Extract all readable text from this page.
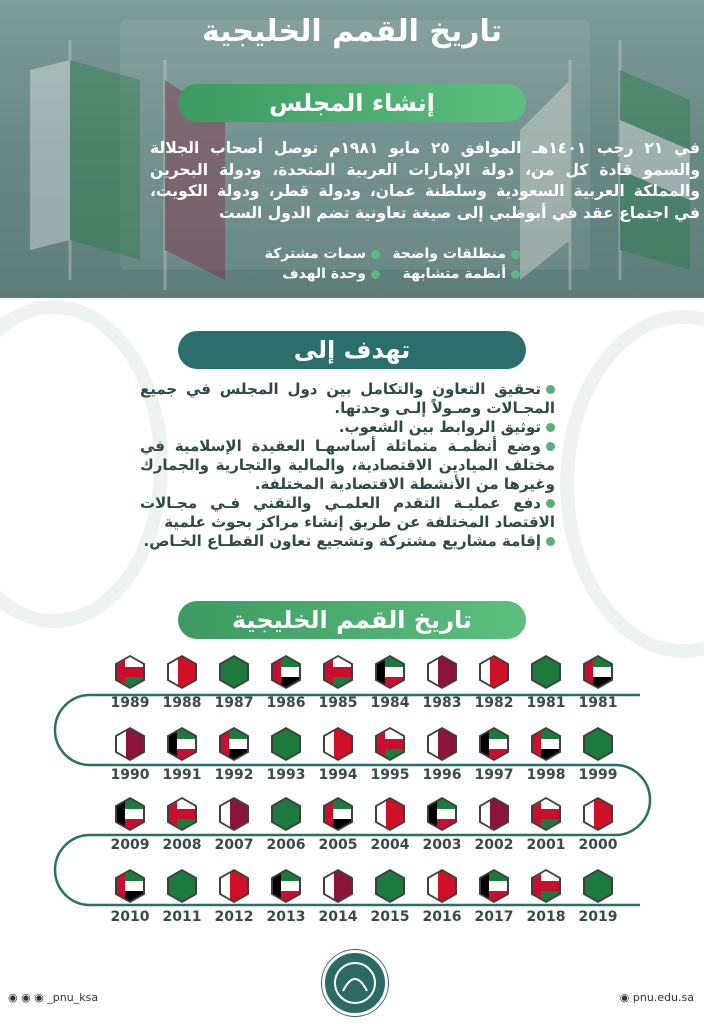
تاريخ القمم الخليجية
إنشاء المجلس
في ٢١ رجب ١٤٠١هـ الموافق ٢٥ مايو ١٩٨١م توصل أصحاب الجلالة والسمو قادة كل من، دولة الإمارات العربية المتحدة، ودولة البحرين والمملكة العربية السعودية وسلطنة عمان، ودولة قطر، ودولة الكويت، في اجتماع عقد في أبوظبي إلى صيغة تعاونية تضم الدول الست
منطلقات واضحة
سمات مشتركة
أنظمة متشابهة
وحدة الهدف
تهدف إلى

تحقيق التعاون والتكامل بين دول المجلس في جميع المجـالات وصـولاً إلـى وحدتها.

توثيق الروابط بين الشعوب.

وضع أنظمـة متماثلة أساسهـا العقيدة الإسلامية في مختلف الميادين الاقتصادية، والمالية والتجارية والجمارك وغيرها من الأنشطة الاقتصادية المختلفة.

دفع عمليـة التقدم العلمـي والتقني فـي مجـالات الاقتصاد المختلفة عن طريق إنشاء مراكز بحوث علمية

إقامة مشاريع مشتركة وتشجيع تعاون القطـاع الخـاص.

تاريخ القمم الخليجية
1989 1988 1987 1986 1985 1984 1983 1982 1981 1981
1990 1991 1992 1993 1994 1995 1996 1997 1998 1999
2009 2008 2007 2006 2005 2004 2003 2002 2001 2000
2010 2011 2012 2013 2014 2015 2016 2017 2018 2019
◉ ◉ ◉ _pnu_ksa	◉ pnu.edu.sa
